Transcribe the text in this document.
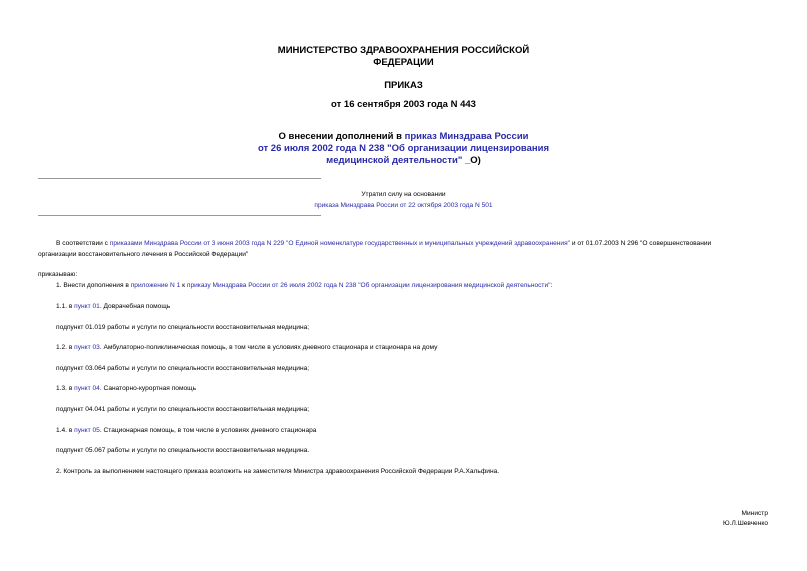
МИНИСТЕРСТВО ЗДРАВООХРАНЕНИЯ РОССИЙСКОЙ
ФЕДЕРАЦИИ
ПРИКАЗ
от 16 сентября 2003 года N 443
О внесении дополнений в приказ Минздрава России
от 26 июля 2002 года N 238 "Об организации лицензирования
медицинской деятельности" _О)
Утратил силу на основании
приказа Минздрава России от 22 октября 2003 года N 501
В соответствии с приказами Минздрава России от 3 июня 2003 года N 229 "О Единой номенклатуре государственных и муниципальных учреждений здравоохранения" и от 01.07.2003 N 296 "О совершенствовании
организации восстановительного лечения в Российской Федерации"
приказываю:
1. Внести дополнения в приложение N 1 к приказу Минздрава России от 26 июля 2002 года N 238 "Об организации лицензирования медицинской деятельности":
1.1. в пункт 01. Доврачебная помощь
подпункт 01.019 работы и услуги по специальности восстановительная медицина;
1.2. в пункт 03. Амбулаторно-поликлиническая помощь, в том числе в условиях дневного стационара и стационара на дому
подпункт 03.064 работы и услуги по специальности восстановительная медицина;
1.3. в пункт 04. Санаторно-курортная помощь
подпункт 04.041 работы и услуги по специальности восстановительная медицина;
1.4. в пункт 05. Стационарная помощь, в том числе в условиях дневного стационара
подпункт 05.067 работы и услуги по специальности восстановительная медицина.
2. Контроль за выполнением настоящего приказа возложить на заместителя Министра здравоохранения Российской Федерации Р.А.Хальфина.
Министр
Ю.Л.Шевченко
